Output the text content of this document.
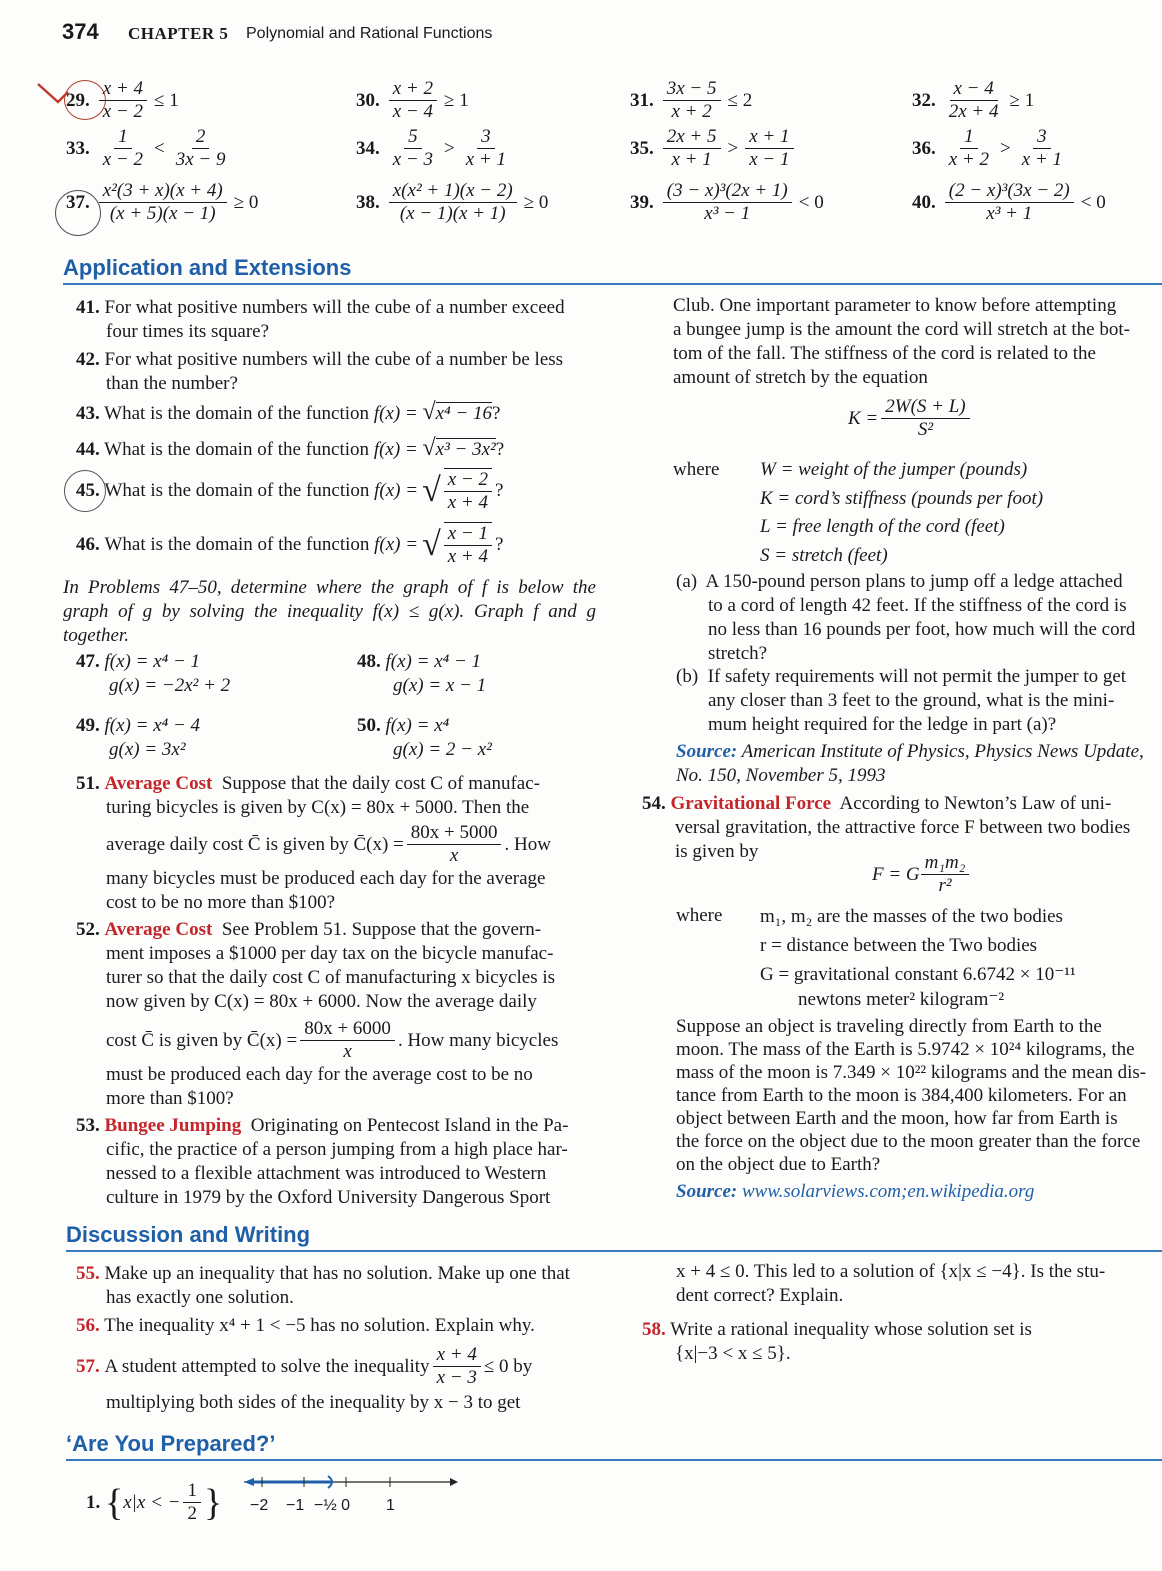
374 CHAPTER 5 Polynomial and Rational Functions
29. $\frac{x + 4}{x - 2} \le 1$	30. $\frac{x + 2}{x - 4} \ge 1$	31. $\frac{3x - 5}{x + 2} \le 2$	32. $\frac{x - 4}{2x + 4} \ge 1$
33. $\frac{1}{x - 2} < \frac{2}{3x - 9}$	34. $\frac{5}{x - 3} > \frac{3}{x + 1}$	35. $\frac{2x + 5}{x + 1} > \frac{x + 1}{x - 1}$	36. $\frac{1}{x + 2} > \frac{3}{x + 1}$
37. $\frac{\text{x²(3 + x)(x + 4)}}{(x + 5)(x - 1)} \ge 0$	38. $\frac{\text{x(x² + 1)(x − 2)}}{(x - 1)(x + 1)} \ge 0$	39. $\frac{\text{(3 − x)³(2x + 1)}}{\text{x³ − 1}} < 0$	40. $\frac{\text{(2 − x)³(3x − 2)}}{\text{x³ + 1}} < 0$
Application and Extensions
41. For what positive numbers will the cube of a number exceed
four times its square?
42. For what positive numbers will the cube of a number be less
than the number?
43. What is the domain of the function f(x) = √x⁴ − 16?
44. What is the domain of the function f(x) = √x³ − 3x²?
45.
What is the domain of the function
f(x) = √ $\frac{x - 2}{x + 4}$ ?
46.
What is the domain of the function
f(x) = √ $\frac{x - 1}{x + 4}$ ?
In Problems 47–50, determine where the graph of f is below the graph of g by solving the inequality f(x) ≤ g(x). Graph f and g together.
47. f(x) = x⁴ − 1
g(x) = −2x² + 2
48. f(x) = x⁴ − 1
g(x) = x − 1
49. f(x) = x⁴ − 4
g(x) = 3x²
50. f(x) = x⁴
g(x) = 2 − x²
51. Average Cost Suppose that the daily cost C of manufac-
turing bicycles is given by C(x) = 80x + 5000. Then the
average daily cost C̄ is given by C̄(x) = $\frac{80x + 5000}{x}$ . How
many bicycles must be produced each day for the average
cost to be no more than $100?
52. Average Cost See Problem 51. Suppose that the govern-
ment imposes a $1000 per day tax on the bicycle manufac-
turer so that the daily cost C of manufacturing x bicycles is
now given by C(x) = 80x + 6000. Now the average daily
cost C̄ is given by C̄(x) = $\frac{80x + 6000}{x}$ . How many bicycles
must be produced each day for the average cost to be no
more than $100?
53. Bungee Jumping Originating on Pentecost Island in the Pa-
cific, the practice of a person jumping from a high place har-
nessed to a flexible attachment was introduced to Western
culture in 1979 by the Oxford University Dangerous Sport
Club. One important parameter to know before attempting
a bungee jump is the amount the cord will stretch at the bot-
tom of the fall. The stiffness of the cord is related to the
amount of stretch by the equation
$K = \frac{2W(S + L)}{\text{S²}}$
where W = weight of the jumper (pounds)
K = cord’s stiffness (pounds per foot)
L = free length of the cord (feet)
S = stretch (feet)
(a) A 150-pound person plans to jump off a ledge attached
to a cord of length 42 feet. If the stiffness of the cord is
no less than 16 pounds per foot, how much will the cord
stretch?
(b) If safety requirements will not permit the jumper to get
any closer than 3 feet to the ground, what is the mini-
mum height required for the ledge in part (a)?
Source: American Institute of Physics, Physics News Update,
No. 150, November 5, 1993
54. Gravitational Force According to Newton’s Law of uni-
versal gravitation, the attractive force F between two bodies
is given by
F = G $\frac{\text{m₁m₂}}{\text{r²}}$
where m₁, m₂ are the masses of the two bodies
r = distance between the Two bodies
G = gravitational constant 6.6742 × 10⁻¹¹
newtons meter² kilogram⁻²
Suppose an object is traveling directly from Earth to the
moon. The mass of the Earth is 5.9742 × 10²⁴ kilograms, the
mass of the moon is 7.349 × 10²² kilograms and the mean dis-
tance from Earth to the moon is 384,400 kilometers. For an
object between Earth and the moon, how far from Earth is
the force on the object due to the moon greater than the force
on the object due to Earth?
Source: www.solarviews.com;en.wikipedia.org
Discussion and Writing
55. Make up an inequality that has no solution. Make up one that
has exactly one solution.
56. The inequality x⁴ + 1 < −5 has no solution. Explain why.
57.
A student attempted to solve the inequality $\frac{x + 4}{x - 3} \le 0$ by
multiplying both sides of the inequality by x − 3 to get
x + 4 ≤ 0. This led to a solution of {x|x ≤ −4}. Is the stu-
dent correct? Explain.
58. Write a rational inequality whose solution set is
{x|−3 < x ≤ 5}.
‘Are You Prepared?’
1.
{ x|x < − $\frac{1}{2}$ } −2 −1 −½ 0 1
